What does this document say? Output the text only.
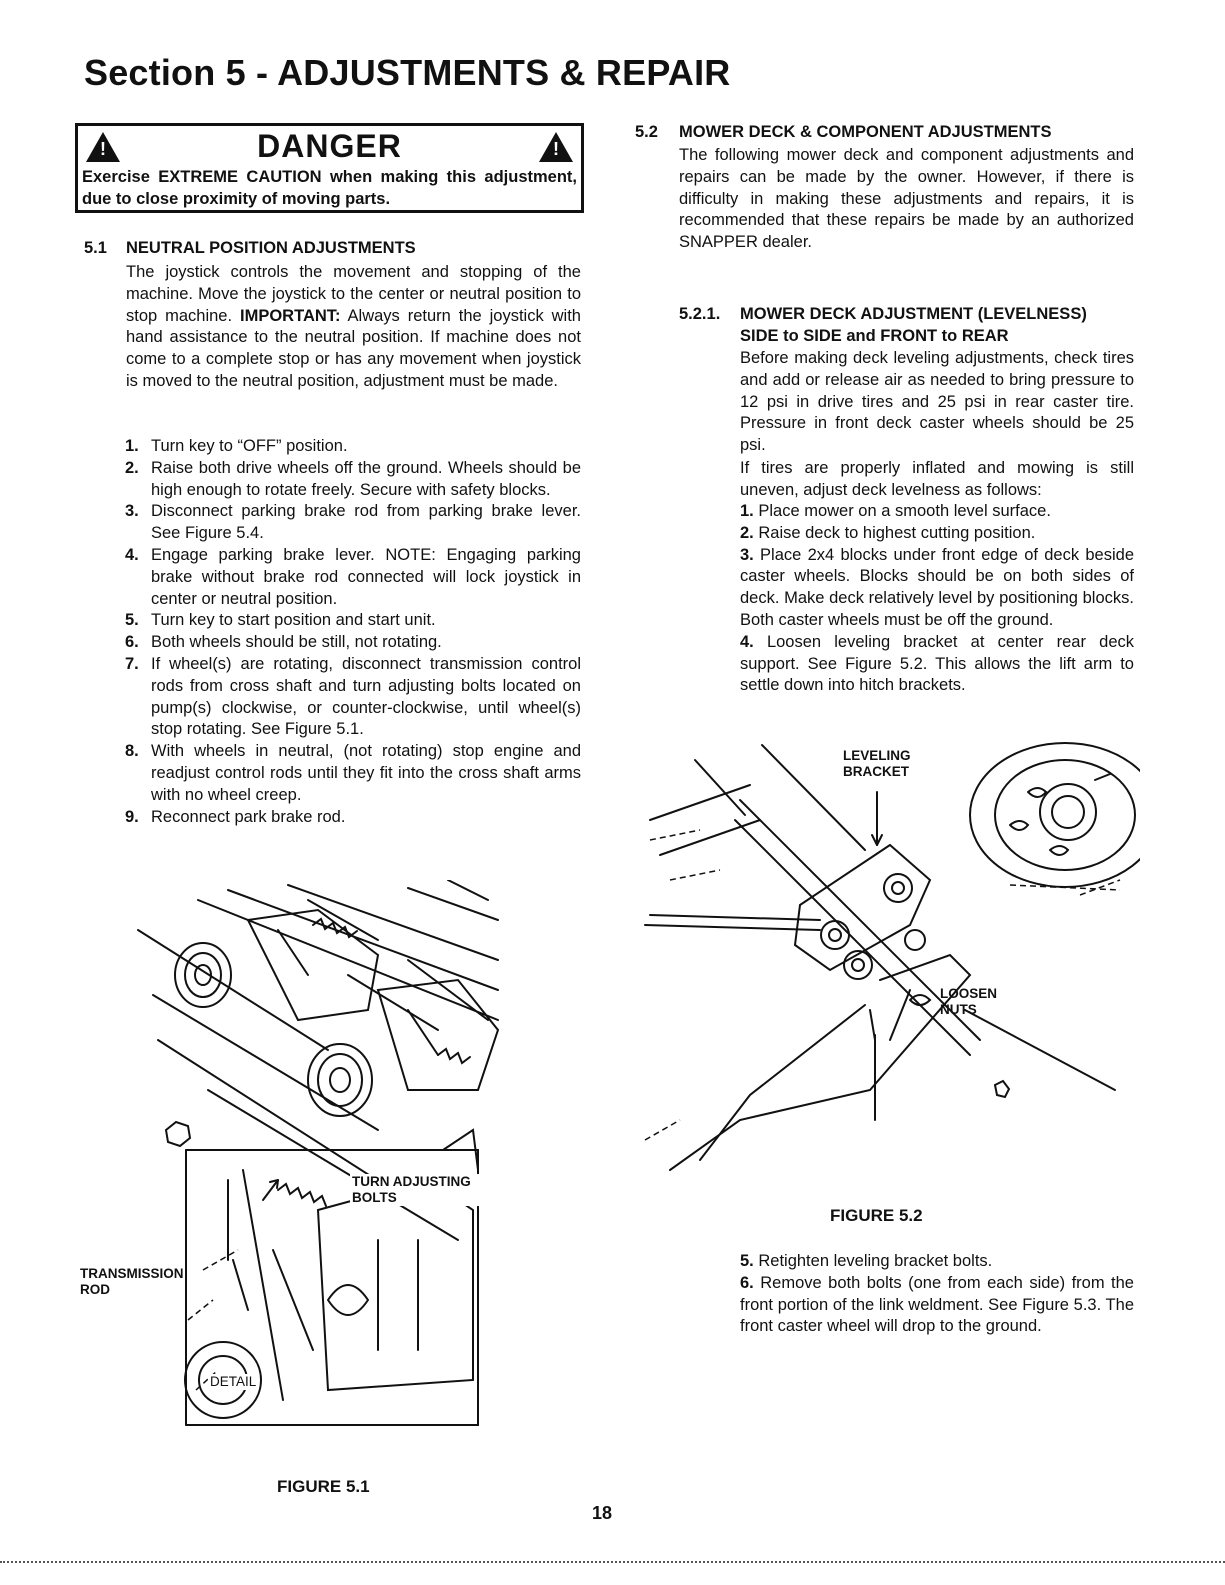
Section 5 - ADJUSTMENTS & REPAIR
!	!
DANGER
Exercise EXTREME CAUTION when making this adjustment, due to close proximity of moving parts.
5.1 NEUTRAL POSITION ADJUSTMENTS
The joystick controls the movement and stopping of the machine. Move the joystick to the center or neutral position to stop machine. IMPORTANT: Always return the joystick with hand assistance to the neutral position. If machine does not come to a complete stop or has any movement when joystick is moved to the neutral position, adjustment must be made.
1. Turn key to “OFF” position.
2. Raise both drive wheels off the ground. Wheels should be high enough to rotate freely. Secure with safety blocks.
3. Disconnect parking brake rod from parking brake lever. See Figure 5.4.
4. Engage parking brake lever. NOTE: Engaging parking brake without brake rod connected will lock joystick in center or neutral position.
5. Turn key to start position and start unit.
6. Both wheels should be still, not rotating.
7. If wheel(s) are rotating, disconnect transmission control rods from cross shaft and turn adjusting bolts located on pump(s) clockwise, or counter-clockwise, until wheel(s) stop rotating. See Figure 5.1.
8. With wheels in neutral, (not rotating) stop engine and readjust control rods until they fit into the cross shaft arms with no wheel creep.
9. Reconnect park brake rod.
TURN ADJUSTING BOLTS
TRANSMISSION ROD
DETAIL
FIGURE 5.1
5.2 MOWER DECK & COMPONENT ADJUSTMENTS
The following mower deck and component adjustments and repairs can be made by the owner. However, if there is difficulty in making these adjustments and repairs, it is recommended that these repairs be made by an authorized SNAPPER dealer.
5.2.1. MOWER DECK ADJUSTMENT (LEVELNESS)
SIDE to SIDE and FRONT to REAR
Before making deck leveling adjustments, check tires and add or release air as needed to bring pressure to 12 psi in drive tires and 25 psi in rear caster tire. Pressure in front deck caster wheels should be 25 psi.
If tires are properly inflated and mowing is still uneven, adjust deck levelness as follows:
1. Place mower on a smooth level surface.
2. Raise deck to highest cutting position.
3. Place 2x4 blocks under front edge of deck beside caster wheels. Blocks should be on both sides of deck. Make deck relatively level by positioning blocks. Both caster wheels must be off the ground.
4. Loosen leveling bracket at center rear deck support. See Figure 5.2. This allows the lift arm to settle down into hitch brackets.
LEVELING BRACKET
LOOSEN NUTS
FIGURE 5.2
5. Retighten leveling bracket bolts.
6. Remove both bolts (one from each side) from the front portion of the link weldment. See Figure 5.3. The front caster wheel will drop to the ground.
18
